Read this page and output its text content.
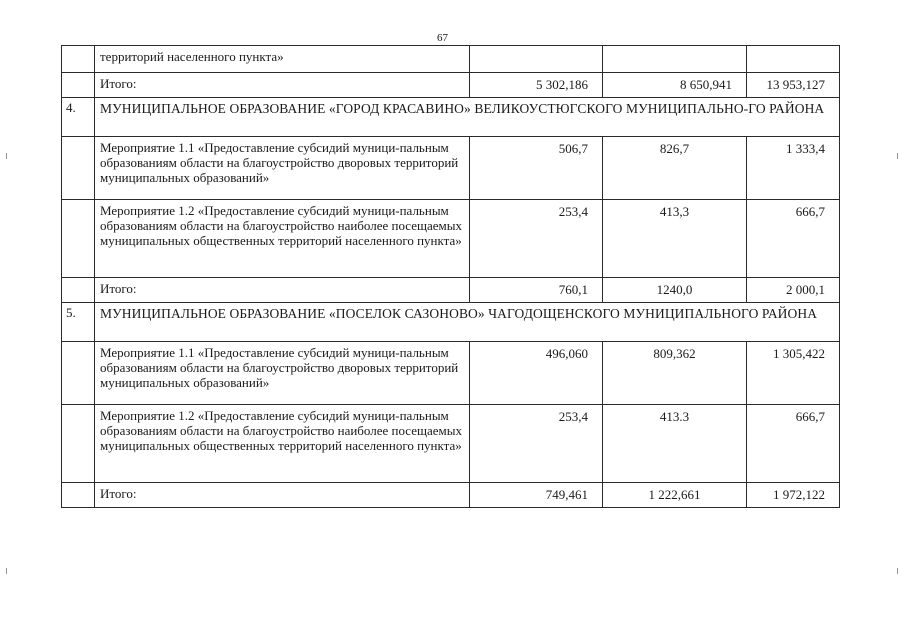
67
	территорий населенного пункта»			
	Итого:	5 302,186	8 650,941	13 953,127
4.	МУНИЦИПАЛЬНОЕ ОБРАЗОВАНИЕ «ГОРОД КРАСАВИНО» ВЕЛИКОУСТЮГСКОГО МУНИЦИПАЛЬНО-ГО РАЙОНА			
	Мероприятие 1.1 «Предоставление субсидий муници-пальным образованиям области на благоустройство дворовых территорий муниципальных образований»	506,7	826,7	1 333,4
	Мероприятие 1.2 «Предоставление субсидий муници-пальным образованиям области на благоустройство наиболее посещаемых муниципальных общественных территорий населенного пункта»	253,4	413,3	666,7
	Итого:	760,1	1240,0	2 000,1
5.	МУНИЦИПАЛЬНОЕ ОБРАЗОВАНИЕ «ПОСЕЛОК САЗОНОВО» ЧАГОДОЩЕНСКОГО МУНИЦИПАЛЬНОГО РАЙОНА			
	Мероприятие 1.1 «Предоставление субсидий муници-пальным образованиям области на благоустройство дворовых территорий муниципальных образований»	496,060	809,362	1 305,422
	Мероприятие 1.2 «Предоставление субсидий муници-пальным образованиям области на благоустройство наиболее посещаемых муниципальных общественных территорий населенного пункта»	253,4	413.3	666,7
	Итого:	749,461	1 222,661	1 972,122
